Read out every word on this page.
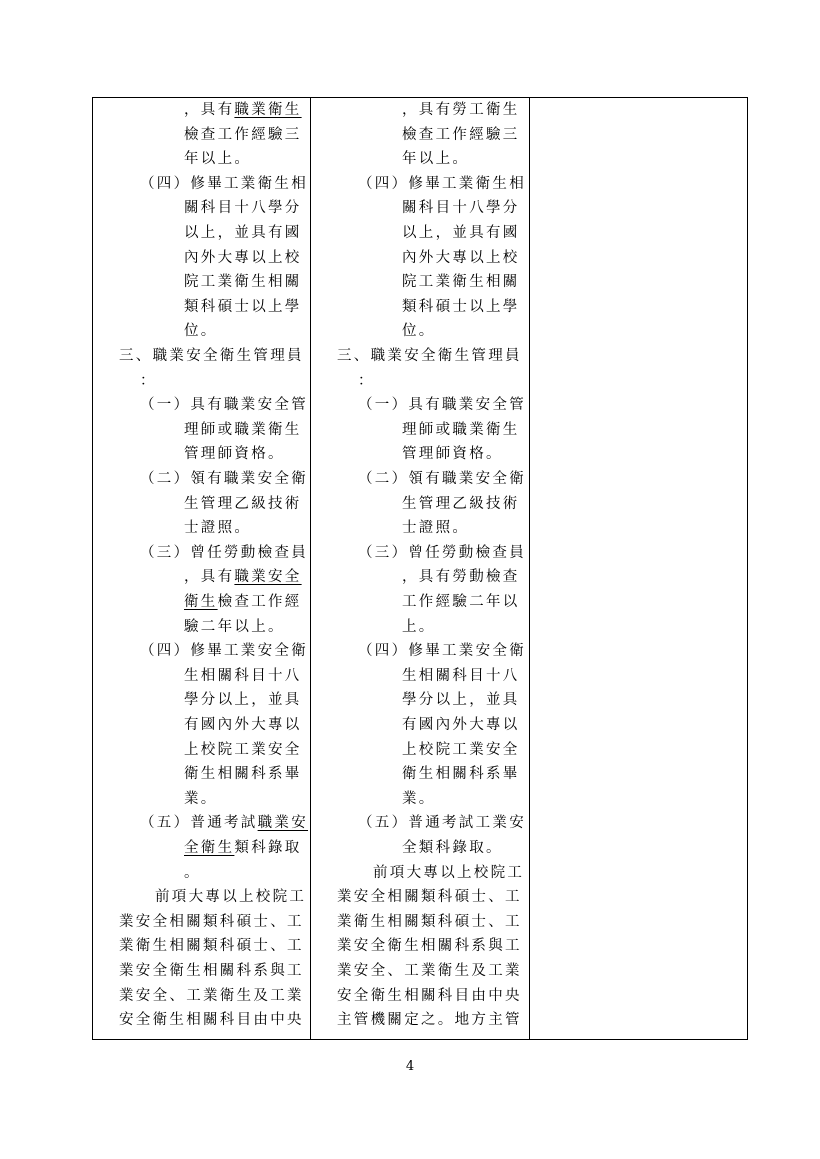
，具有職業衛生
檢查工作經驗三
年以上。
（四）修畢工業衛生相
關科目十八學分
以上，並具有國
內外大專以上校
院工業衛生相關
類科碩士以上學
位。
三、職業安全衛生管理員
：
（一）具有職業安全管
理師或職業衛生
管理師資格。
（二）領有職業安全衛
生管理乙級技術
士證照。
（三）曾任勞動檢查員
，具有職業安全
衛生檢查工作經
驗二年以上。
（四）修畢工業安全衛
生相關科目十八
學分以上，並具
有國內外大專以
上校院工業安全
衛生相關科系畢
業。
（五）普通考試職業安
全衛生類科錄取
。
前項大專以上校院工
業安全相關類科碩士、工
業衛生相關類科碩士、工
業安全衛生相關科系與工
業安全、工業衛生及工業
安全衛生相關科目由中央
，具有勞工衛生
檢查工作經驗三
年以上。
（四）修畢工業衛生相
關科目十八學分
以上，並具有國
內外大專以上校
院工業衛生相關
類科碩士以上學
位。
三、職業安全衛生管理員
：
（一）具有職業安全管
理師或職業衛生
管理師資格。
（二）領有職業安全衛
生管理乙級技術
士證照。
（三）曾任勞動檢查員
，具有勞動檢查
工作經驗二年以
上。
（四）修畢工業安全衛
生相關科目十八
學分以上，並具
有國內外大專以
上校院工業安全
衛生相關科系畢
業。
（五）普通考試工業安
全類科錄取。
前項大專以上校院工
業安全相關類科碩士、工
業衛生相關類科碩士、工
業安全衛生相關科系與工
業安全、工業衛生及工業
安全衛生相關科目由中央
主管機關定之。地方主管
4
